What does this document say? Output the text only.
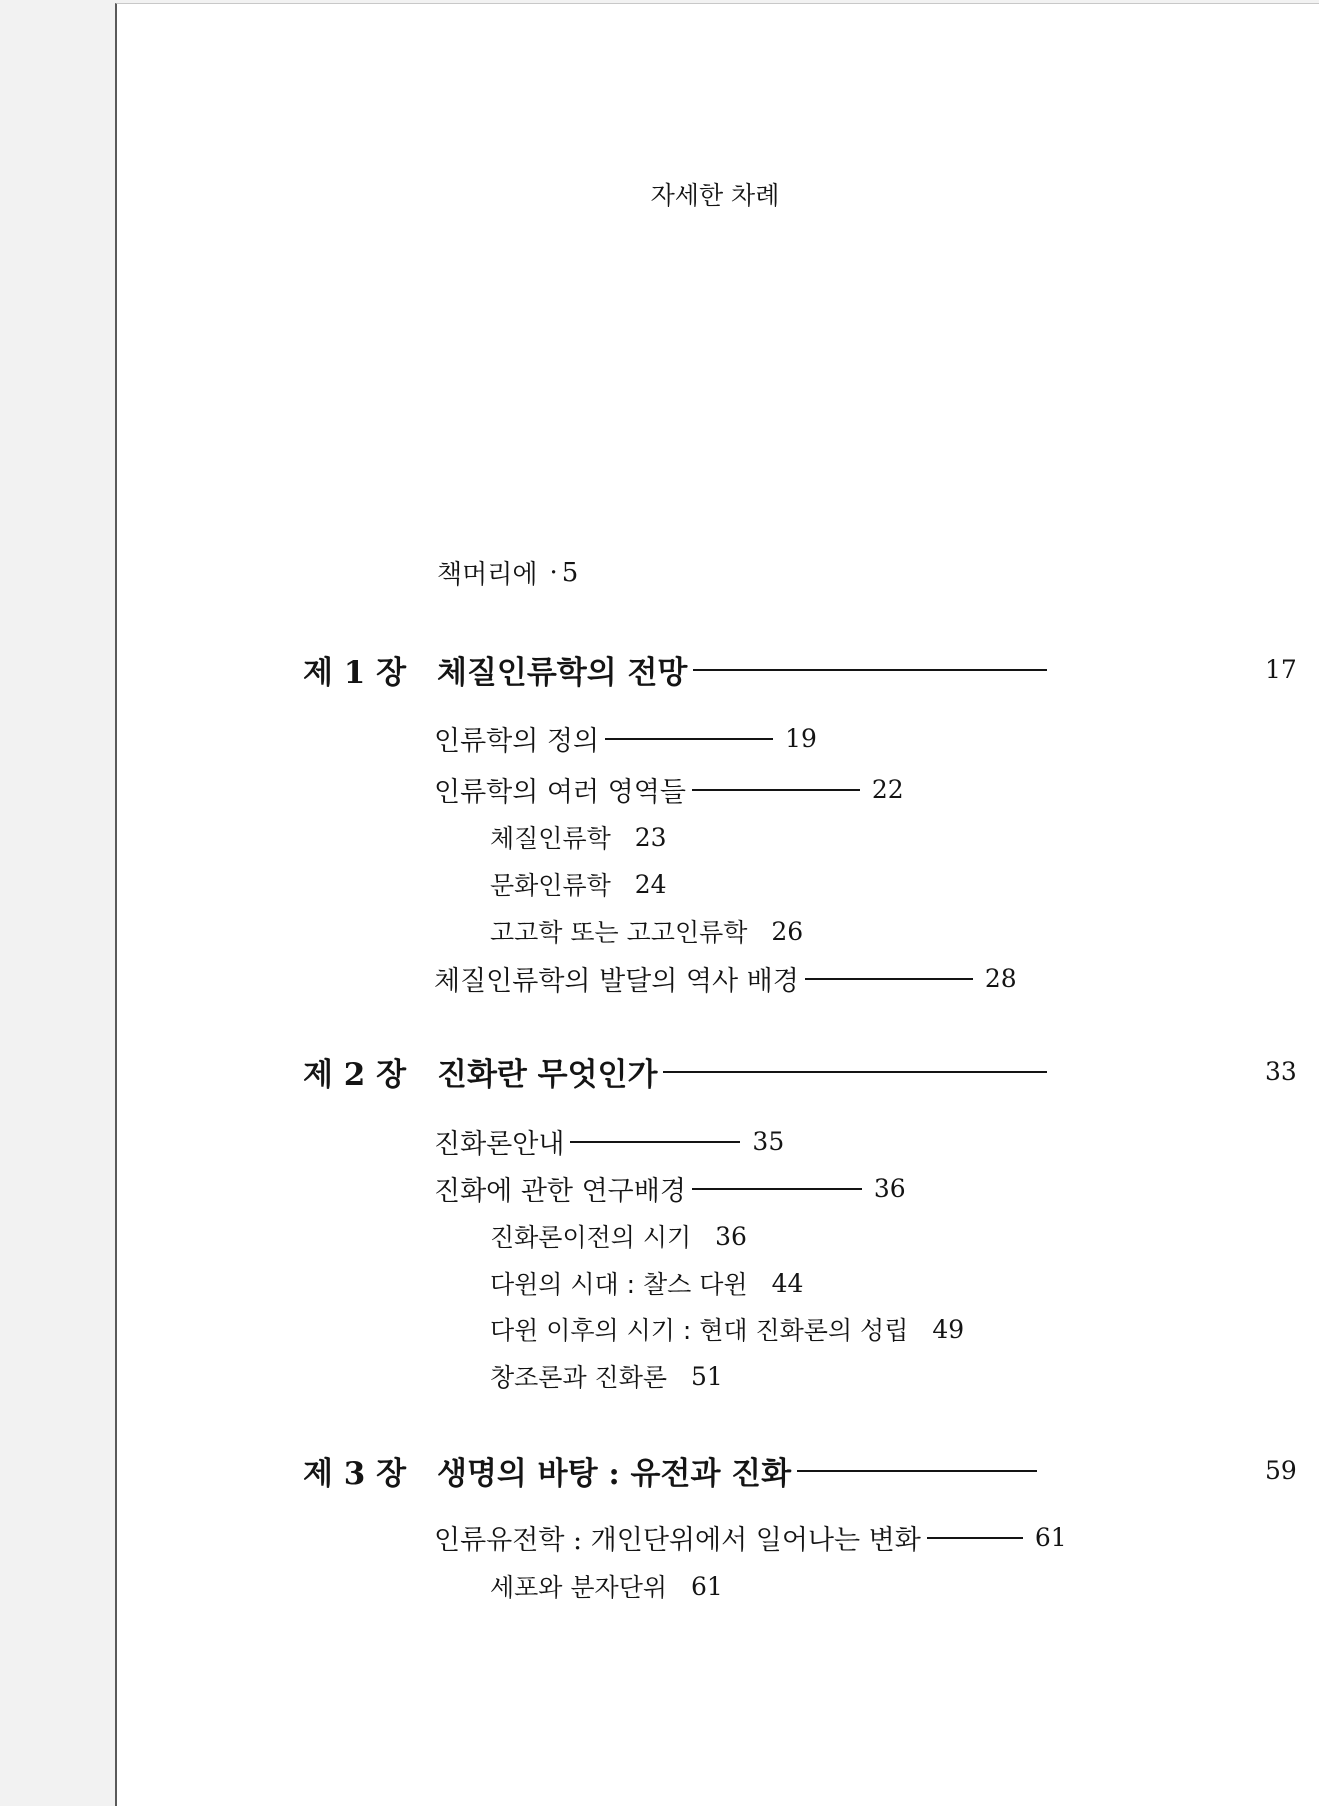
자세한 차례
책머리에 · 5
제 1 장 체질인류학의 전망	17
인류학의 정의	19
인류학의 여러 영역들	22
체질인류학 23
문화인류학 24
고고학 또는 고고인류학 26
체질인류학의 발달의 역사 배경	28
제 2 장 진화란 무엇인가	33
진화론안내	35
진화에 관한 연구배경	36
진화론이전의 시기 36
다윈의 시대 : 찰스 다윈 44
다윈 이후의 시기 : 현대 진화론의 성립 49
창조론과 진화론 51
제 3 장 생명의 바탕 : 유전과 진화	59
인류유전학 : 개인단위에서 일어나는 변화	61
세포와 분자단위 61
